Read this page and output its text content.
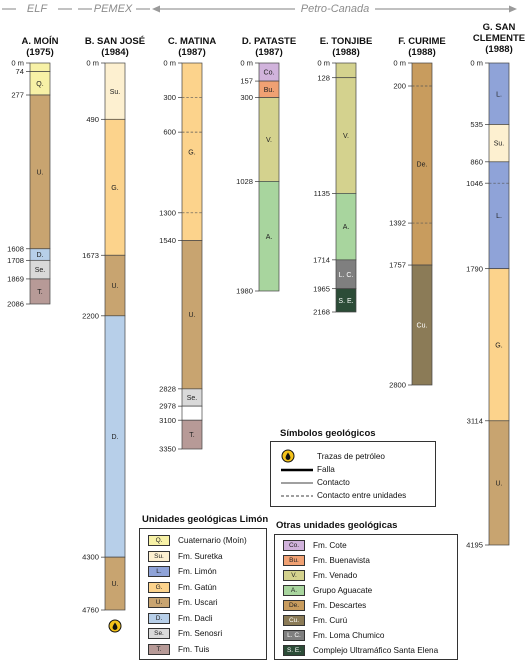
ELF	PEMEX	Petro-Canada
A. MOÍN
(1975)
Q.
U.
D.
Se.
T.
0 m
74
277
1608
1708
1869
2086
B. SAN JOSÉ
(1984)
Su.
G.
U.
D.
U.
0 m
490
1673
2200
4300
4760
C. MATINA
(1987)
G.
U.
Se.
T.
0 m
300
600
1300
1540
2828
2978
3100
3350
D. PATASTE
(1987)
Co.
Bu.
V.
A.
0 m
157
300
1028
1980
E. TONJIBE
(1988)
V.
A.
L. C.
S. E.
0 m
128
1135
1714
1965
2168
F. CURIME
(1988)
De.
Cu.
0 m
200
1392
1757
2800
G. SAN
CLEMENTE
(1988)
L.
Su.
L.
G.
U.
0 m
535
860
1046
1790
3114
4195
Trazas de petróleo
Falla
Contacto
Contacto entre unidades
Símbolos geológicos
Unidades geológicas Limón
Q.	Cuaternario (Moín)
Su.	Fm. Suretka
L.	Fm. Limón
G.	Fm. Gatún
U.	Fm. Uscari
D.	Fm. Dacli
Se.	Fm. Senosri
T.	Fm. Tuis
Otras unidades geológicas
Co.	Fm. Cote
Bu.	Fm. Buenavista
V.	Fm. Venado
A.	Grupo Aguacate
De.	Fm. Descartes
Cu.	Fm. Curú
L. C.	Fm. Loma Chumico
S. E.	Complejo Ultramáfico Santa Elena
